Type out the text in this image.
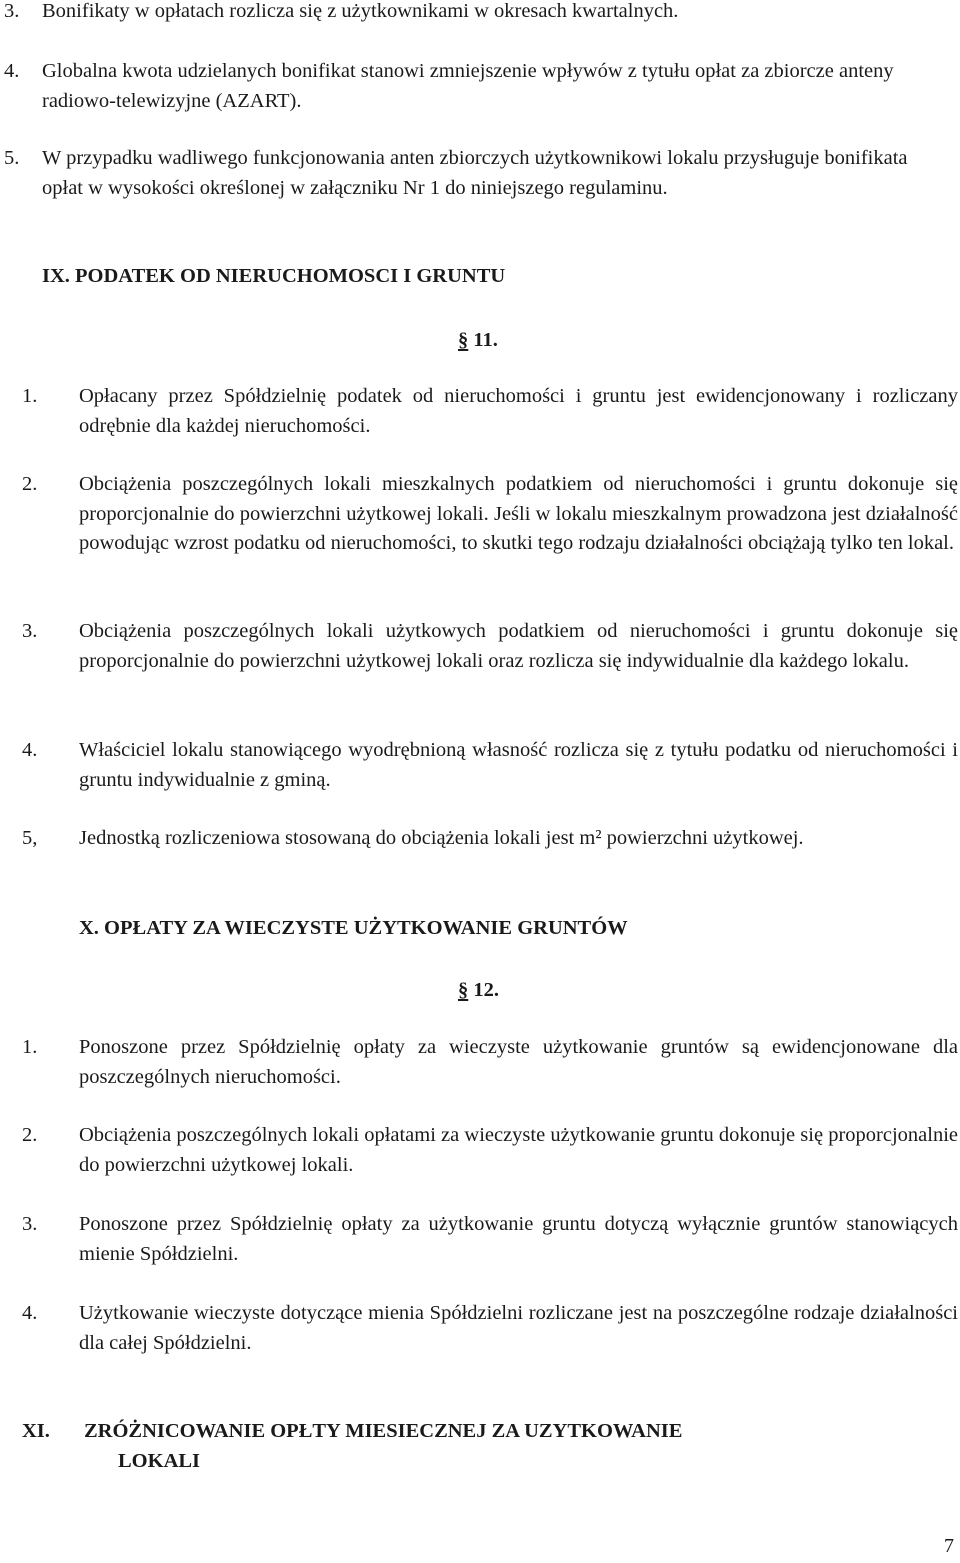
3. Bonifikaty w opłatach rozlicza się z użytkownikami w okresach kwartalnych.
4. Globalna kwota udzielanych bonifikat stanowi zmniejszenie wpływów z tytułu opłat za zbiorcze anteny radiowo-telewizyjne (AZART).
5. W przypadku wadliwego funkcjonowania anten zbiorczych użytkownikowi lokalu przysługuje bonifikata opłat w wysokości określonej w załączniku Nr 1 do niniejszego regulaminu.
IX. PODATEK OD NIERUCHOMOSCI I GRUNTU
§ 11.
1. Opłacany przez Spółdzielnię podatek od nieruchomości i gruntu jest ewidencjonowany i rozliczany odrębnie dla każdej nieruchomości.
2. Obciążenia poszczególnych lokali mieszkalnych podatkiem od nieruchomości i gruntu dokonuje się proporcjonalnie do powierzchni użytkowej lokali. Jeśli w lokalu mieszkalnym prowadzona jest działalność powodując wzrost podatku od nieruchomości, to skutki tego rodzaju działalności obciążają tylko ten lokal.
3. Obciążenia poszczególnych lokali użytkowych podatkiem od nieruchomości i gruntu dokonuje się proporcjonalnie do powierzchni użytkowej lokali oraz rozlicza się indywidualnie dla każdego lokalu.
4. Właściciel lokalu stanowiącego wyodrębnioną własność rozlicza się z tytułu podatku od nieruchomości i gruntu indywidualnie z gminą.
5, Jednostką rozliczeniowa stosowaną do obciążenia lokali jest m² powierzchni użytkowej.
X. OPŁATY ZA WIECZYSTE UŻYTKOWANIE GRUNTÓW
§ 12.
1. Ponoszone przez Spółdzielnię opłaty za wieczyste użytkowanie gruntów są ewidencjonowane dla poszczególnych nieruchomości.
2. Obciążenia poszczególnych lokali opłatami za wieczyste użytkowanie gruntu dokonuje się proporcjonalnie do powierzchni użytkowej lokali.
3. Ponoszone przez Spółdzielnię opłaty za użytkowanie gruntu dotyczą wyłącznie gruntów stanowiących mienie Spółdzielni.
4. Użytkowanie wieczyste dotyczące mienia Spółdzielni rozliczane jest na poszczególne rodzaje działalności dla całej Spółdzielni.
XI. ZRÓŻNICOWANIE OPŁTY MIESIECZNEJ ZA UZYTKOWANIE
LOKALI
7
